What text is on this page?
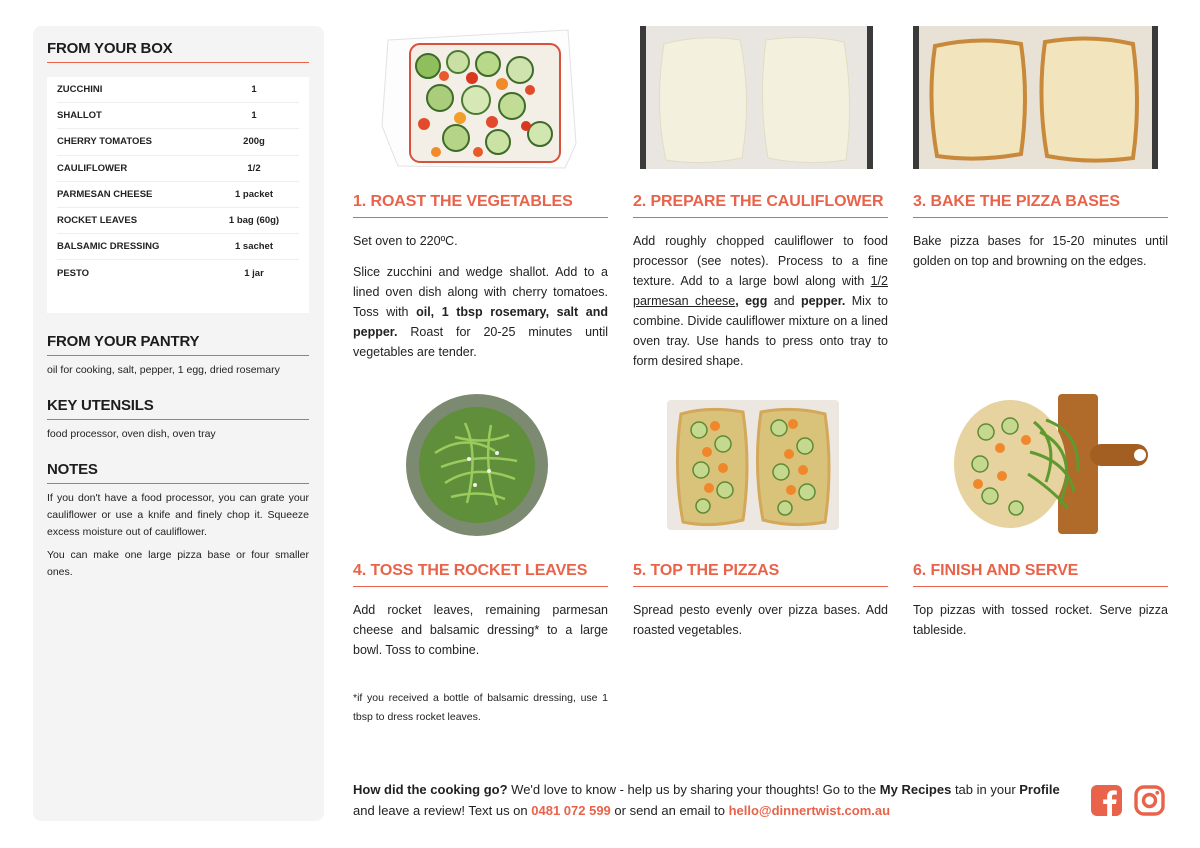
FROM YOUR BOX
ZUCCHINI	1
SHALLOT	1
CHERRY TOMATOES	200g
CAULIFLOWER	1/2
PARMESAN CHEESE	1 packet
ROCKET LEAVES	1 bag (60g)
BALSAMIC DRESSING	1 sachet
PESTO	1 jar
FROM YOUR PANTRY
oil for cooking, salt, pepper, 1 egg, dried rosemary
KEY UTENSILS
food processor, oven dish, oven tray
NOTES

If you don't have a food processor, you can grate your cauliflower or use a knife and finely chop it. Squeeze excess moisture out of cauliflower.

You can make one large pizza base or four smaller ones.

1. ROAST THE VEGETABLES

Set oven to 220ºC.

Slice zucchini and wedge shallot. Add to a lined oven dish along with cherry tomatoes. Toss with oil, 1 tbsp rosemary, salt and pepper. Roast for 20-25 minutes until vegetables are tender.

2. PREPARE THE CAULIFLOWER

Add roughly chopped cauliflower to food processor (see notes). Process to a fine texture. Add to a large bowl along with 1/2 parmesan cheese, egg and pepper. Mix to combine. Divide cauliflower mixture on a lined oven tray. Use hands to press onto tray to form desired shape.

3. BAKE THE PIZZA BASES

Bake pizza bases for 15-20 minutes until golden on top and browning on the edges.

4. TOSS THE ROCKET LEAVES

Add rocket leaves, remaining parmesan cheese and balsamic dressing* to a large bowl. Toss to combine.

*if you received a bottle of balsamic dressing, use 1 tbsp to dress rocket leaves.
5. TOP THE PIZZAS

Spread pesto evenly over pizza bases. Add roasted vegetables.

6. FINISH AND SERVE

Top pizzas with tossed rocket. Serve pizza tableside.

How did the cooking go? We'd love to know - help us by sharing your thoughts! Go to the My Recipes tab in your Profile and leave a review! Text us on 0481 072 599 or send an email to hello@dinnertwist.com.au
